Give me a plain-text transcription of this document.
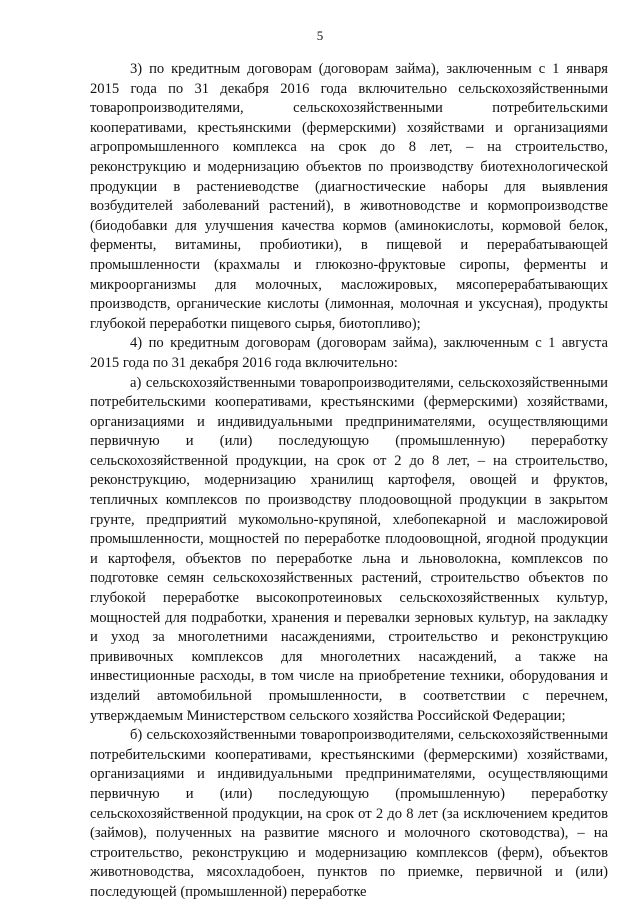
5

3) по кредитным договорам (договорам займа), заключенным с 1 января 2015 года по 31 декабря 2016 года включительно сельскохозяйственными товаропроизводителями, сельскохозяйственными потребительскими кооперативами, крестьянскими (фермерскими) хозяйствами и организациями агропромышленного комплекса на срок до 8 лет, – на строительство, реконструкцию и модернизацию объектов по производству биотехнологической продукции в растениеводстве (диагностические наборы для выявления возбудителей заболеваний растений), в животноводстве и кормопроизводстве (биодобавки для улучшения качества кормов (аминокислоты, кормовой белок, ферменты, витамины, пробиотики), в пищевой и перерабатывающей промышленности (крахмалы и глюкозно-фруктовые сиропы, ферменты и микроорганизмы для молочных, масложировых, мясоперерабатывающих производств, органические кислоты (лимонная, молочная и уксусная), продукты глубокой переработки пищевого сырья, биотопливо);

4) по кредитным договорам (договорам займа), заключенным с 1 августа 2015 года по 31 декабря 2016 года включительно:

а) сельскохозяйственными товаропроизводителями, сельскохозяйственными потребительскими кооперативами, крестьянскими (фермерскими) хозяйствами, организациями и индивидуальными предпринимателями, осуществляющими первичную и (или) последующую (промышленную) переработку сельскохозяйственной продукции, на срок от 2 до 8 лет, – на строительство, реконструкцию, модернизацию хранилищ картофеля, овощей и фруктов, тепличных комплексов по производству плодоовощной продукции в закрытом грунте, предприятий мукомольно-крупяной, хлебопекарной и масложировой промышленности, мощностей по переработке плодоовощной, ягодной продукции и картофеля, объектов по переработке льна и льноволокна, комплексов по подготовке семян сельскохозяйственных растений, строительство объектов по глубокой переработке высокопротеиновых сельскохозяйственных культур, мощностей для подработки, хранения и перевалки зерновых культур, на закладку и уход за многолетними насаждениями, строительство и реконструкцию прививочных комплексов для многолетних насаждений, а также на инвестиционные расходы, в том числе на приобретение техники, оборудования и изделий автомобильной промышленности, в соответствии с перечнем, утверждаемым Министерством сельского хозяйства Российской Федерации;

б) сельскохозяйственными товаропроизводителями, сельскохозяйственными потребительскими кооперативами, крестьянскими (фермерскими) хозяйствами, организациями и индивидуальными предпринимателями, осуществляющими первичную и (или) последующую (промышленную) переработку сельскохозяйственной продукции, на срок от 2 до 8 лет (за исключением кредитов (займов), полученных на развитие мясного и молочного скотоводства), – на строительство, реконструкцию и модернизацию комплексов (ферм), объектов животноводства, мясохладобоен, пунктов по приемке, первичной и (или) последующей (промышленной) переработке
